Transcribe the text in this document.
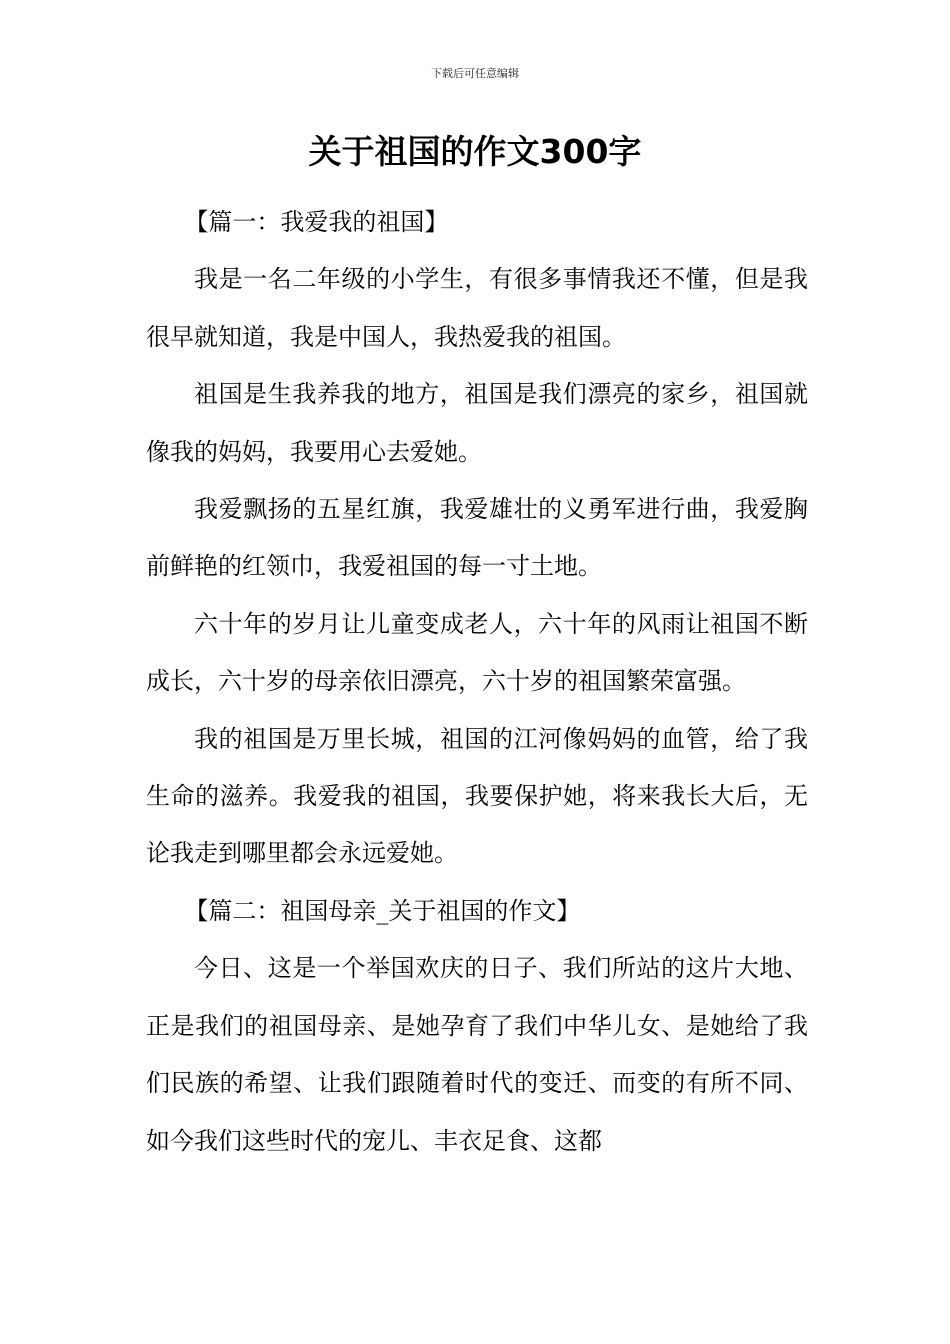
下载后可任意编辑
关于祖国的作文300字

【篇一：我爱我的祖国】

我是一名二年级的小学生，有很多事情我还不懂，但是我很早就知道，我是中国人，我热爱我的祖国。

祖国是生我养我的地方，祖国是我们漂亮的家乡，祖国就像我的妈妈，我要用心去爱她。

我爱飘扬的五星红旗，我爱雄壮的义勇军进行曲，我爱胸前鲜艳的红领巾，我爱祖国的每一寸土地。

六十年的岁月让儿童变成老人，六十年的风雨让祖国不断成长，六十岁的母亲依旧漂亮，六十岁的祖国繁荣富强。

我的祖国是万里长城，祖国的江河像妈妈的血管，给了我生命的滋养。我爱我的祖国，我要保护她，将来我长大后，无论我走到哪里都会永远爱她。

【篇二：祖国母亲_关于祖国的作文】

今日、这是一个举国欢庆的日子、我们所站的这片大地、正是我们的祖国母亲、是她孕育了我们中华儿女、是她给了我们民族的希望、让我们跟随着时代的变迁、而变的有所不同、如今我们这些时代的宠儿、丰衣足食、这都
